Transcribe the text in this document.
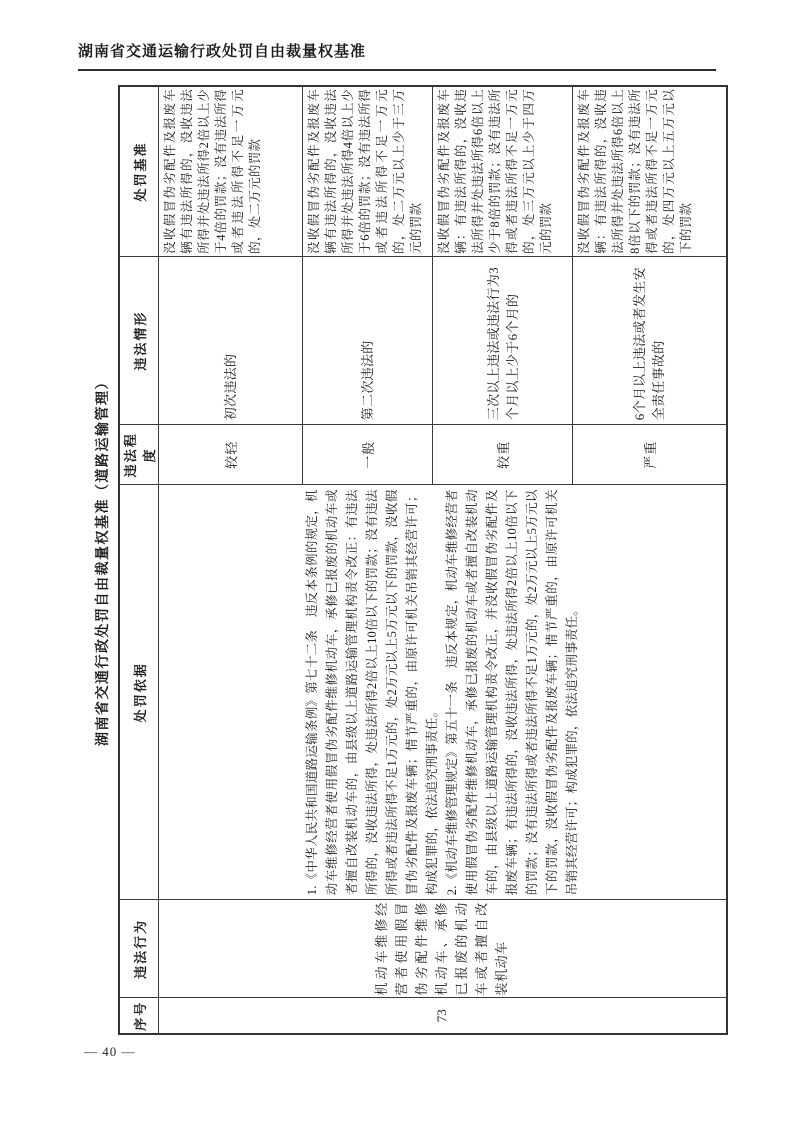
湖南省交通运输行政处罚自由裁量权基准
湖南省交通行政处罚自由裁量权基准（道路运输管理）
序号	违法行为	处罚依据	违法程度	违法情形	处罚基准
73	机动车维修经营者使用假冒伪劣配件维修机动车、承修已报废的机动车或者擅自改装机动车	1.《中华人民共和国道路运输条例》第七十二条　违反本条例的规定，机动车维修经营者使用假冒伪劣配件维修机动车，承修已报废的机动车或者擅自改装机动车的，由县级以上道路运输管理机构责令改正：有违法所得的，没收违法所得，处违法所得2倍以上10倍以下的罚款；没有违法所得或者违法所得不足1万元的，处2万元以上5万元以下的罚款，没收假冒伪劣配件及报废车辆；情节严重的，由原许可机关吊销其经营许可；构成犯罪的，依法追究刑事责任。 2.《机动车维修管理规定》第五十一条　违反本规定，机动车维修经营者使用假冒伪劣配件维修机动车，承修已报废的机动车或者擅自改装机动车的，由县级以上道路运输管理机构责令改正，并没收假冒伪劣配件及报废车辆；有违法所得的，没收违法所得，处违法所得2倍以上10倍以下的罚款；没有违法所得或者违法所得不足1万元的，处2万元以上5万元以下的罚款，没收假冒伪劣配件及报废车辆；情节严重的，由原许可机关吊销其经营许可；构成犯罪的，依法追究刑事责任。	较轻	初次违法的	没收假冒伪劣配件及报废车辆有违法所得的，没收违法所得并处违法所得2倍以上少于4倍的罚款；没有违法所得或者违法所得不足一万元的，处二万元的罚款

			一般	第二次违法的	没收假冒伪劣配件及报废车辆有违法所得的，没收违法所得并处违法所得4倍以上少于6倍的罚款；没有违法所得或者违法所得不足一万元的，处二万元以上少于三万元的罚款

			较重	三次以上违法或违法行为3个月以上少于6个月的	没收假冒伪劣配件及报废车辆：有违法所得的，没收违法所得并处违法所得6倍以上少于8倍的罚款；没有违法所得或者违法所得不足一万元的，处三万元以上少于四万元的罚款

			严重	6个月以上违法或者发生安全责任事故的	没收假冒伪劣配件及报废车辆：有违法所得的，没收违法所得并处违法所得6倍以上8倍以下的罚款；没有违法所得或者违法所得不足一万元的，处四万元以上五万元以下的罚款
— 40 —
